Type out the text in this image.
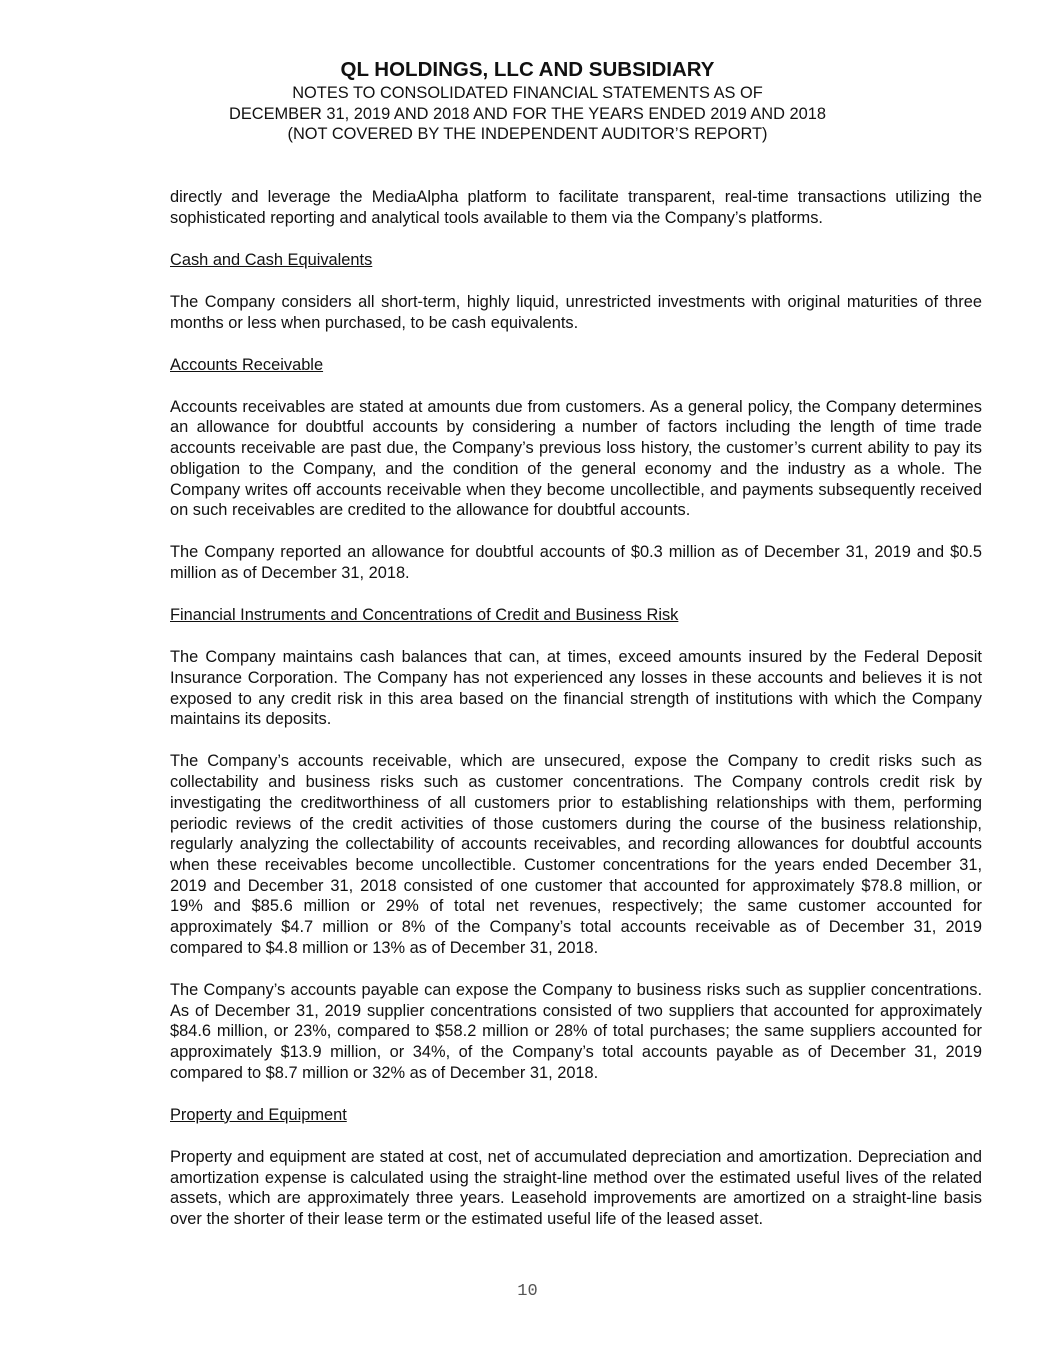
QL HOLDINGS, LLC AND SUBSIDIARY

NOTES TO CONSOLIDATED FINANCIAL STATEMENTS AS OF

DECEMBER 31, 2019 AND 2018 AND FOR THE YEARS ENDED 2019 AND 2018

(NOT COVERED BY THE INDEPENDENT AUDITOR’S REPORT)

directly and leverage the MediaAlpha platform to facilitate transparent, real-time transactions utilizing the sophisticated reporting and analytical tools available to them via the Company’s platforms.

Cash and Cash Equivalents

The Company considers all short-term, highly liquid, unrestricted investments with original maturities of three months or less when purchased, to be cash equivalents.

Accounts Receivable

Accounts receivables are stated at amounts due from customers. As a general policy, the Company determines an allowance for doubtful accounts by considering a number of factors including the length of time trade accounts receivable are past due, the Company’s previous loss history, the customer’s current ability to pay its obligation to the Company, and the condition of the general economy and the industry as a whole. The Company writes off accounts receivable when they become uncollectible, and payments subsequently received on such receivables are credited to the allowance for doubtful accounts.

The Company reported an allowance for doubtful accounts of $0.3 million as of December 31, 2019 and $0.5 million as of December 31, 2018.

Financial Instruments and Concentrations of Credit and Business Risk

The Company maintains cash balances that can, at times, exceed amounts insured by the Federal Deposit Insurance Corporation. The Company has not experienced any losses in these accounts and believes it is not exposed to any credit risk in this area based on the financial strength of institutions with which the Company maintains its deposits.

The Company’s accounts receivable, which are unsecured, expose the Company to credit risks such as collectability and business risks such as customer concentrations. The Company controls credit risk by investigating the creditworthiness of all customers prior to establishing relationships with them, performing periodic reviews of the credit activities of those customers during the course of the business relationship, regularly analyzing the collectability of accounts receivables, and recording allowances for doubtful accounts when these receivables become uncollectible. Customer concentrations for the years ended December 31, 2019 and December 31, 2018 consisted of one customer that accounted for approximately $78.8 million, or 19% and $85.6 million or 29% of total net revenues, respectively; the same customer accounted for approximately $4.7 million or 8% of the Company’s total accounts receivable as of December 31, 2019 compared to $4.8 million or 13% as of December 31, 2018.

The Company’s accounts payable can expose the Company to business risks such as supplier concentrations. As of December 31, 2019 supplier concentrations consisted of two suppliers that accounted for approximately $84.6 million, or 23%, compared to $58.2 million or 28% of total purchases; the same suppliers accounted for approximately $13.9 million, or 34%, of the Company’s total accounts payable as of December 31, 2019 compared to $8.7 million or 32% as of December 31, 2018.

Property and Equipment

Property and equipment are stated at cost, net of accumulated depreciation and amortization. Depreciation and amortization expense is calculated using the straight-line method over the estimated useful lives of the related assets, which are approximately three years. Leasehold improvements are amortized on a straight-line basis over the shorter of their lease term or the estimated useful life of the leased asset.

10
